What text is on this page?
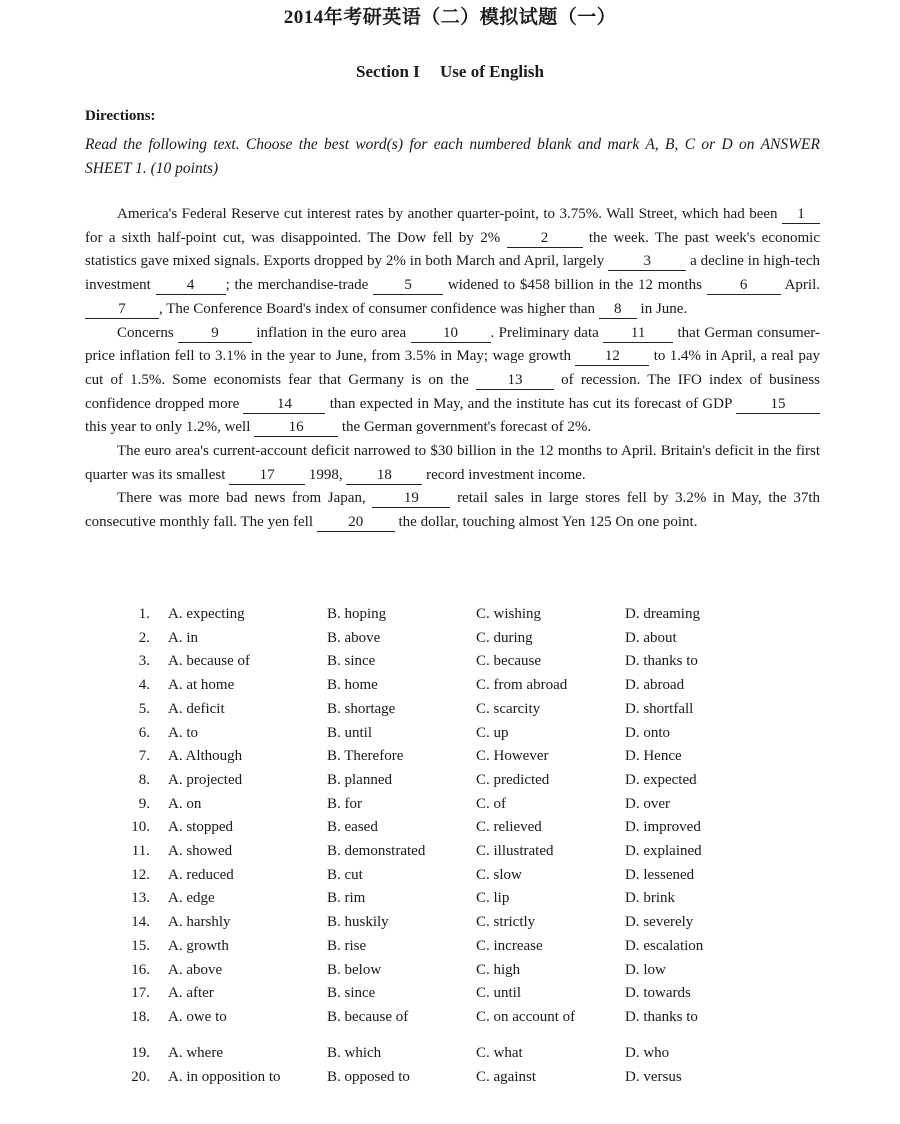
2014年考研英语（二）模拟试题（一）
Section I Use of English
Directions:
Read the following text. Choose the best word(s) for each numbered blank and mark A, B, C or D on ANSWER SHEET 1. (10 points)

America's Federal Reserve cut interest rates by another quarter-point, to 3.75%. Wall Street, which had been 1 for a sixth half-point cut, was disappointed. The Dow fell by 2% 2 the week. The past week's economic statistics gave mixed signals. Exports dropped by 2% in both March and April, largely 3 a decline in high-tech investment 4 ; the merchandise-trade 5 widened to $458 billion in the 12 months 6 April. 7 , The Conference Board's index of consumer confidence was higher than 8 in June.

Concerns 9 inflation in the euro area 10 . Preliminary data 11 that German consumer-price inflation fell to 3.1% in the year to June, from 3.5% in May; wage growth 12 to 1.4% in April, a real pay cut of 1.5%. Some economists fear that Germany is on the 13 of recession. The IFO index of business confidence dropped more 14 than expected in May, and the institute has cut its forecast of GDP 15 this year to only 1.2%, well 16 the German government's forecast of 2%.

The euro area's current-account deficit narrowed to $30 billion in the 12 months to April. Britain's deficit in the first quarter was its smallest 17 1998, 18 record investment income.

There was more bad news from Japan, 19 retail sales in large stores fell by 3.2% in May, the 37th consecutive monthly fall. The yen fell 20 the dollar, touching almost Yen 125 On one point.

1. A. expecting	B. hoping	C. wishing	D. dreaming
2. A. in	B. above	C. during	D. about
3. A. because of	B. since	C. because	D. thanks to
4. A. at home	B. home	C. from abroad	D. abroad
5. A. deficit	B. shortage	C. scarcity	D. shortfall
6. A. to	B. until	C. up	D. onto
7. A. Although	B. Therefore	C. However	D. Hence
8. A. projected	B. planned	C. predicted	D. expected
9. A. on	B. for	C. of	D. over
10. A. stopped	B. eased	C. relieved	D. improved
11. A. showed	B. demonstrated	C. illustrated	D. explained
12. A. reduced	B. cut	C. slow	D. lessened
13. A. edge	B. rim	C. lip	D. brink
14. A. harshly	B. huskily	C. strictly	D. severely
15. A. growth	B. rise	C. increase	D. escalation
16. A. above	B. below	C. high	D. low
17. A. after	B. since	C. until	D. towards
18. A. owe to	B. because of	C. on account of	D. thanks to
19. A. where	B. which	C. what	D. who
20. A. in opposition to	B. opposed to	C. against	D. versus
